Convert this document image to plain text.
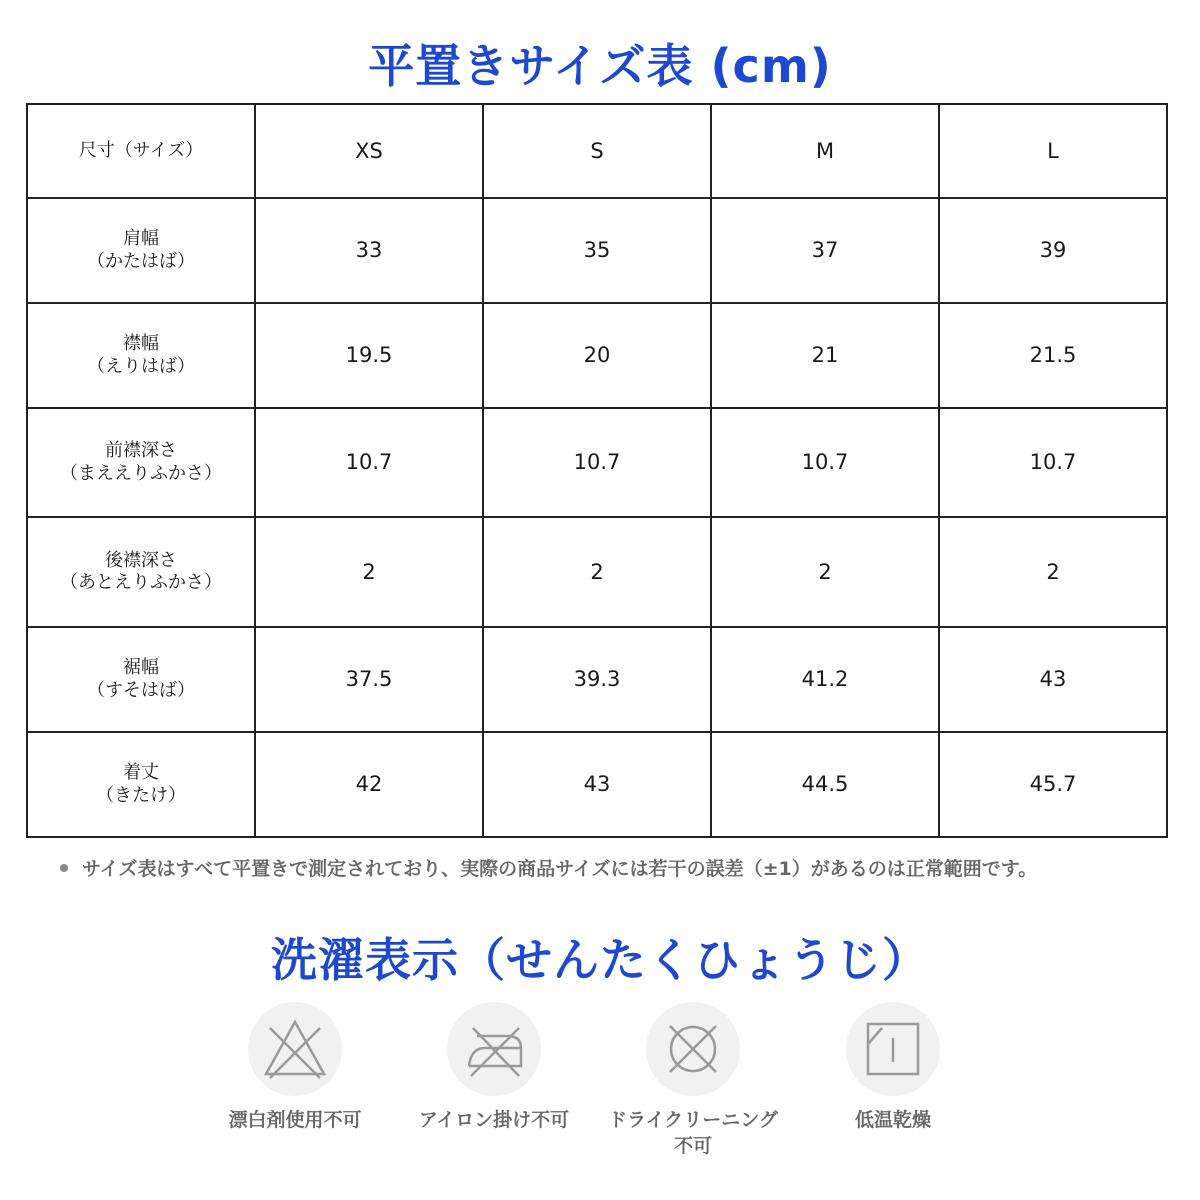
平置きサイズ表 (cm)
尺寸（サイズ）	XS	S	M	L

肩幅
（かたはば）	33	35	37	39

襟幅
（えりはば）	19.5	20	21	21.5

前襟深さ
（まええりふかさ）	10.7	10.7	10.7	10.7

後襟深さ
（あとえりふかさ）	2	2	2	2

裾幅
（すそはば）	37.5	39.3	41.2	43

着丈
（きたけ）	42	43	44.5	45.7
サイズ表はすべて平置きで測定されており、実際の商品サイズには若干の誤差（±1）があるのは正常範囲です。
洗濯表示（せんたくひょうじ）
漂白剤使用不可	アイロン掛け不可	ドライクリーニング
不可
低温乾燥
